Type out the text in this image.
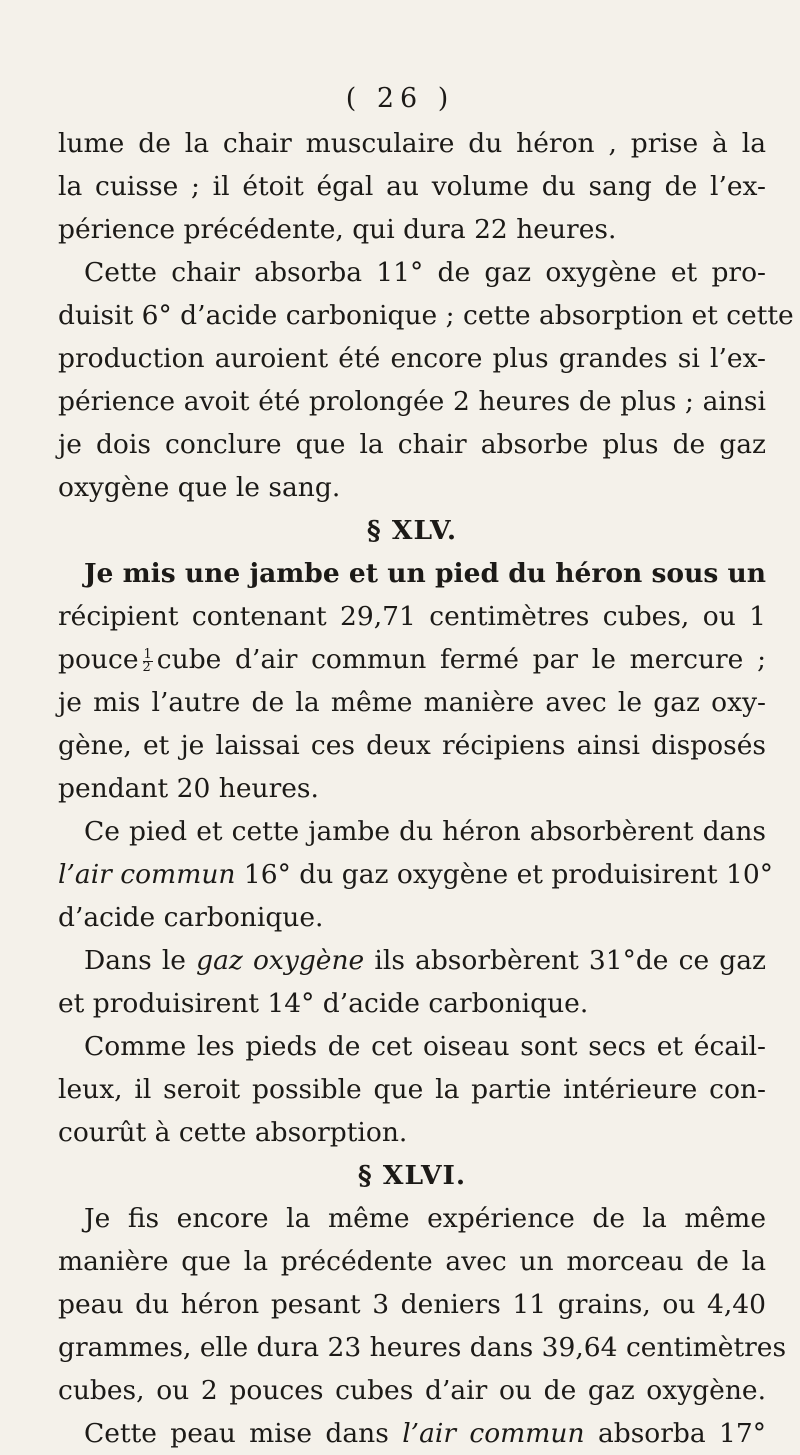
( 26 )
lume de la chair musculaire du héron , prise à la
la cuisse ; il étoit égal au volume du sang de l’ex-
périence précédente, qui dura 22 heures.
Cette chair absorba 11° de gaz oxygène et pro-
duisit 6° d’acide carbonique ; cette absorption et cette
production auroient été encore plus grandes si l’ex-
périence avoit été prolongée 2 heures de plus ; ainsi
je dois conclure que la chair absorbe plus de gaz
oxygène que le sang.
§ XLV.
Je mis une jambe et un pied du héron sous un
récipient contenant 29,71 centimètres cubes, ou 1
pouce $\frac{1}{2}$ cube d’air commun fermé par le mercure ;
je mis l’autre de la même manière avec le gaz oxy-
gène, et je laissai ces deux récipiens ainsi disposés
pendant 20 heures.
Ce pied et cette jambe du héron absorbèrent dans
l’air commun 16° du gaz oxygène et produisirent 10°
d’acide carbonique.
Dans le gaz oxygène ils absorbèrent 31°de ce gaz
et produisirent 14° d’acide carbonique.
Comme les pieds de cet oiseau sont secs et écail-
leux, il seroit possible que la partie intérieure con-
courût à cette absorption.
§ XLVI.
Je fis encore la même expérience de la même
manière que la précédente avec un morceau de la
peau du héron pesant 3 deniers 11 grains, ou 4,40
grammes, elle dura 23 heures dans 39,64 centimètres
cubes, ou 2 pouces cubes d’air ou de gaz oxygène.
Cette peau mise dans l’air commun absorba 17°
